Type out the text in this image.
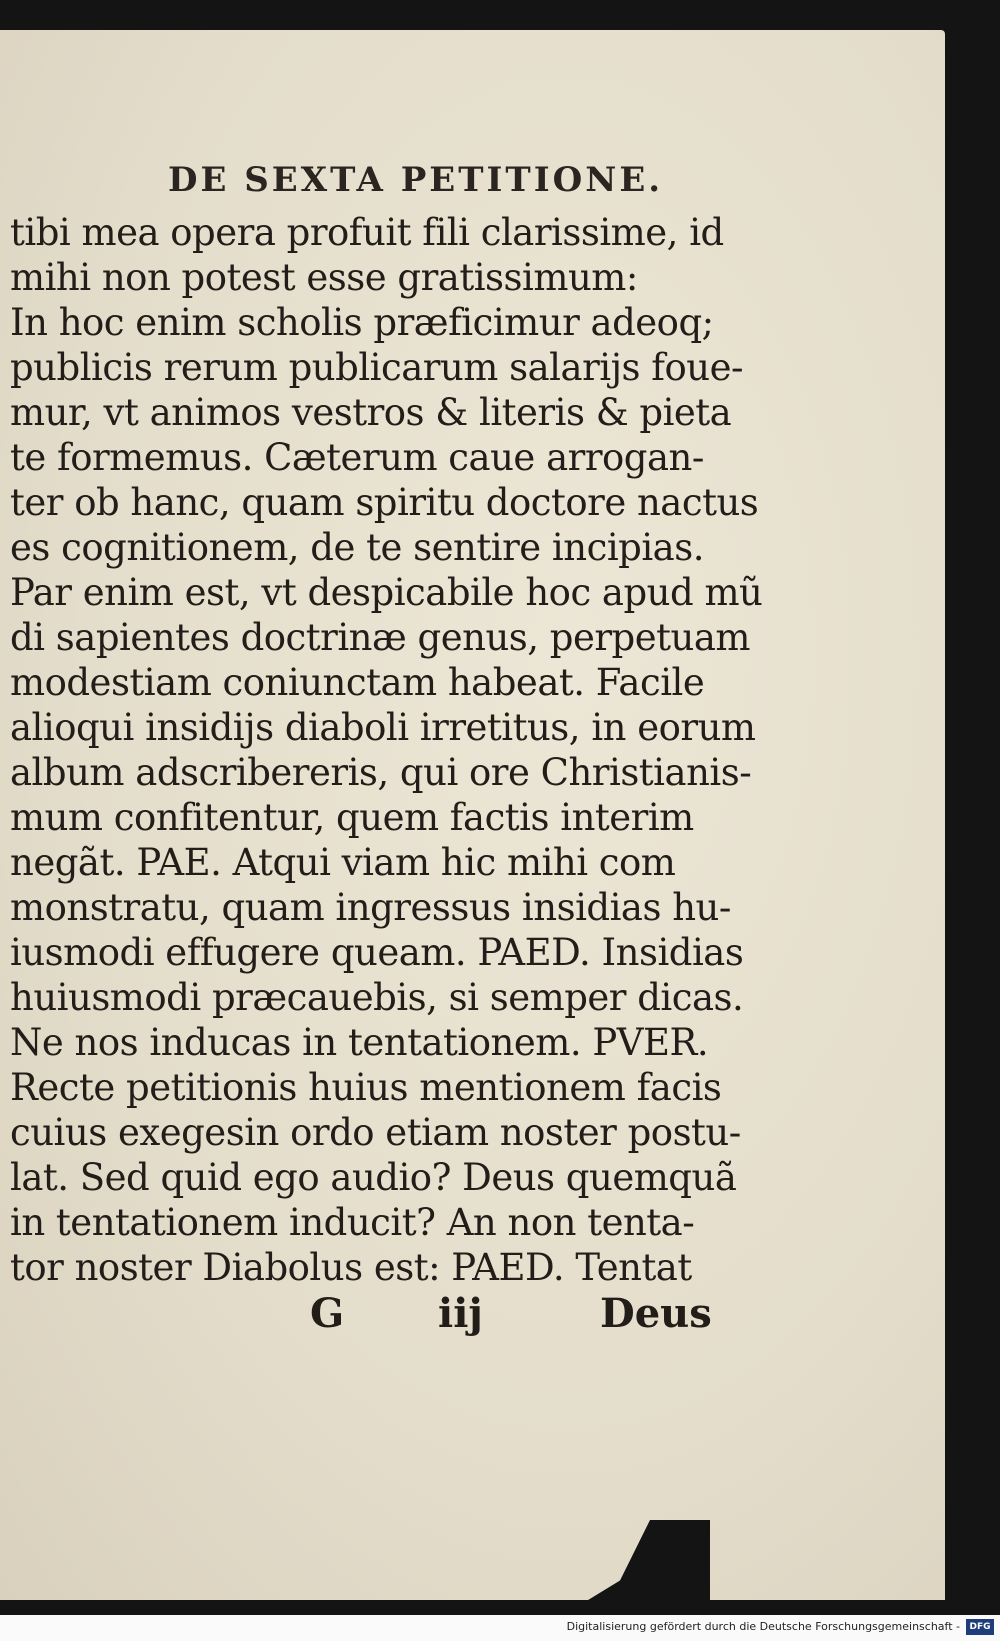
DE SEXTA PETITIONE.
tibi mea opera profuit fili clarissime, id
mihi non potest esse gratissimum:
In hoc enim scholis præficimur adeoq;
publicis rerum publicarum salarijs foue-
mur, vt animos vestros & literis & pieta
te formemus. Cæterum caue arrogan-
ter ob hanc, quam spiritu doctore nactus
es cognitionem, de te sentire incipias.
Par enim est, vt despicabile hoc apud mũ
di sapientes doctrinæ genus, perpetuam
modestiam coniunctam habeat. Facile
alioqui insidijs diaboli irretitus, in eorum
album adscribereris, qui ore Christianis-
mum confitentur, quem factis interim
negãt. PAE. Atqui viam hic mihi com
monstratu, quam ingressus insidias hu-
iusmodi effugere queam. PAED. Insidias
huiusmodi præcauebis, si semper dicas.
Ne nos inducas in tentationem. PVER.
Recte petitionis huius mentionem facis
cuius exegesin ordo etiam noster postu-
lat. Sed quid ego audio? Deus quemquã
in tentationem inducit? An non tenta-
tor noster Diabolus est: PAED. Tentat
G iij	Deus
Digitalisierung gefördert durch die Deutsche Forschungsgemeinschaft -	DFG
